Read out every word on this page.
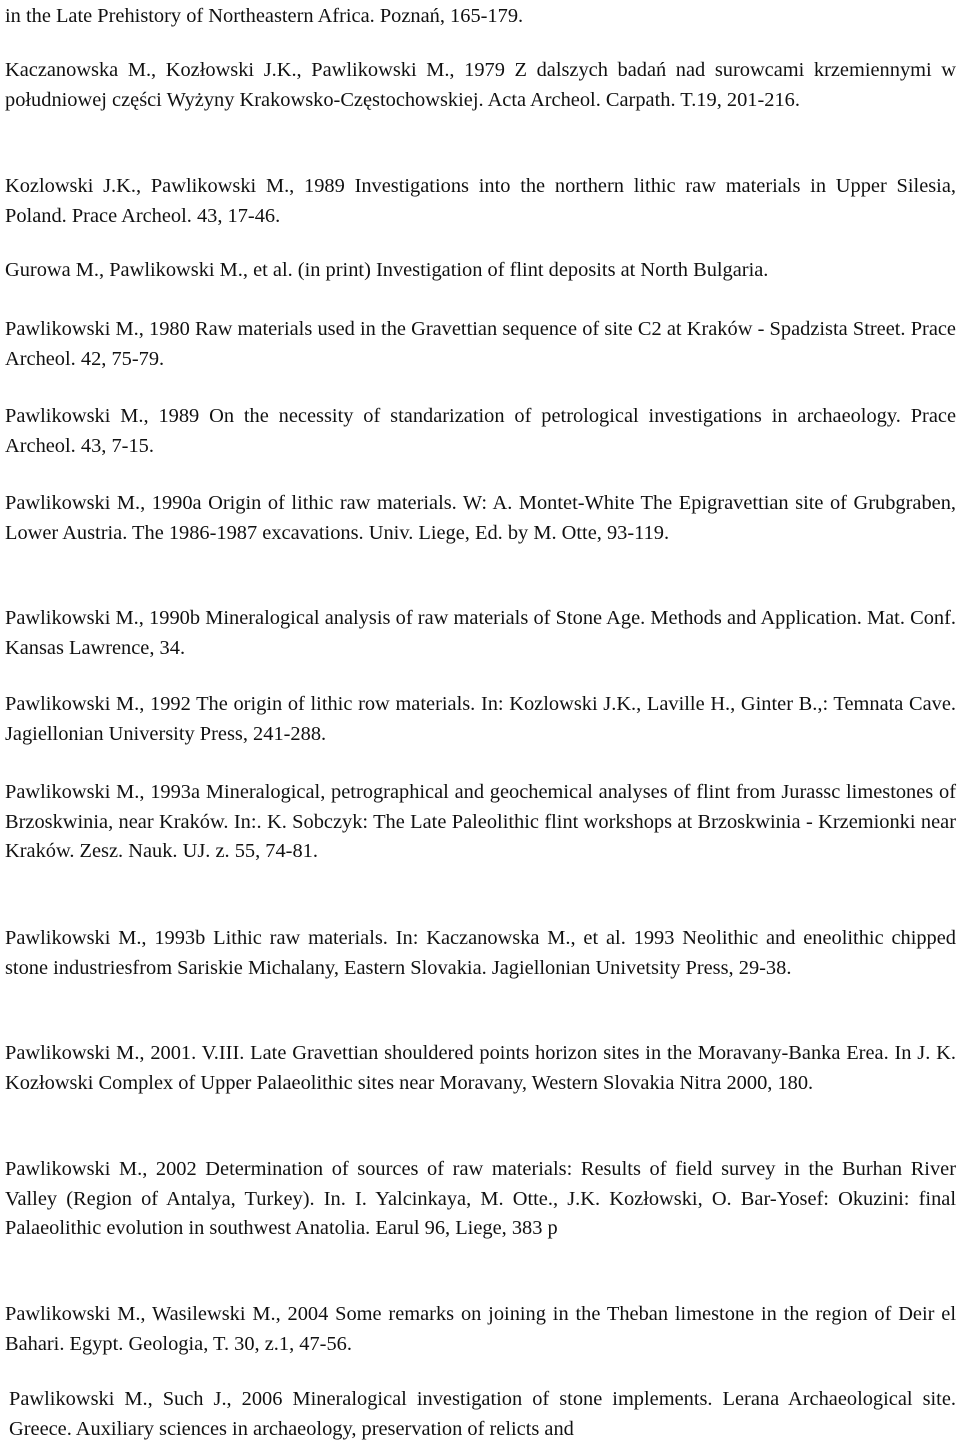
in the Late Prehistory of Northeastern Africa. Poznań, 165-179.

Kaczanowska M., Kozłowski J.K., Pawlikowski M., 1979 Z dalszych badań nad surowcami krzemiennymi w południowej części Wyżyny Krakowsko-Częstochowskiej. Acta Archeol. Carpath. T.19, 201-216.

Kozlowski J.K., Pawlikowski M., 1989 Investigations into the northern lithic raw materials in Upper Silesia, Poland. Prace Archeol. 43, 17-46.

Gurowa M., Pawlikowski M., et al. (in print) Investigation of flint deposits at North Bulgaria.

Pawlikowski M., 1980 Raw materials used in the Gravettian sequence of site C2 at Kraków - Spadzista Street. Prace Archeol. 42, 75-79.

Pawlikowski M., 1989 On the necessity of standarization of petrological investigations in archaeology. Prace Archeol. 43, 7-15.

Pawlikowski M., 1990a Origin of lithic raw materials. W: A. Montet-White The Epigravettian site of Grubgraben, Lower Austria. The 1986-1987 excavations. Univ. Liege, Ed. by M. Otte, 93-119.

Pawlikowski M., 1990b Mineralogical analysis of raw materials of Stone Age. Methods and Application. Mat. Conf. Kansas Lawrence, 34.

Pawlikowski M., 1992 The origin of lithic row materials. In: Kozlowski J.K., Laville H., Ginter B.,: Temnata Cave. Jagiellonian University Press, 241-288.

Pawlikowski M., 1993a Mineralogical, petrographical and geochemical analyses of flint from Jurassc limestones of Brzoskwinia, near Kraków. In:. K. Sobczyk: The Late Paleolithic flint workshops at Brzoskwinia - Krzemionki near Kraków. Zesz. Nauk. UJ. z. 55, 74-81.

Pawlikowski M., 1993b Lithic raw materials. In: Kaczanowska M., et al. 1993 Neolithic and eneolithic chipped stone industriesfrom Sariskie Michalany, Eastern Slovakia. Jagiellonian Univetsity Press, 29-38.

Pawlikowski M., 2001. V.III. Late Gravettian shouldered points horizon sites in the Moravany-Banka Erea. In J. K. Kozłowski Complex of Upper Palaeolithic sites near Moravany, Western Slovakia Nitra 2000, 180.

Pawlikowski M., 2002 Determination of sources of raw materials: Results of field survey in the Burhan River Valley (Region of Antalya, Turkey). In. I. Yalcinkaya, M. Otte., J.K. Kozłowski, O. Bar-Yosef: Okuzini: final Palaeolithic evolution in southwest Anatolia. Earul 96, Liege, 383 p

Pawlikowski M., Wasilewski M., 2004 Some remarks on joining in the Theban limestone in the region of Deir el Bahari. Egypt. Geologia, T. 30, z.1, 47-56.

Pawlikowski M., Such J., 2006 Mineralogical investigation of stone implements. Lerana Archaeological site. Greece. Auxiliary sciences in archaeology, preservation of relicts and
